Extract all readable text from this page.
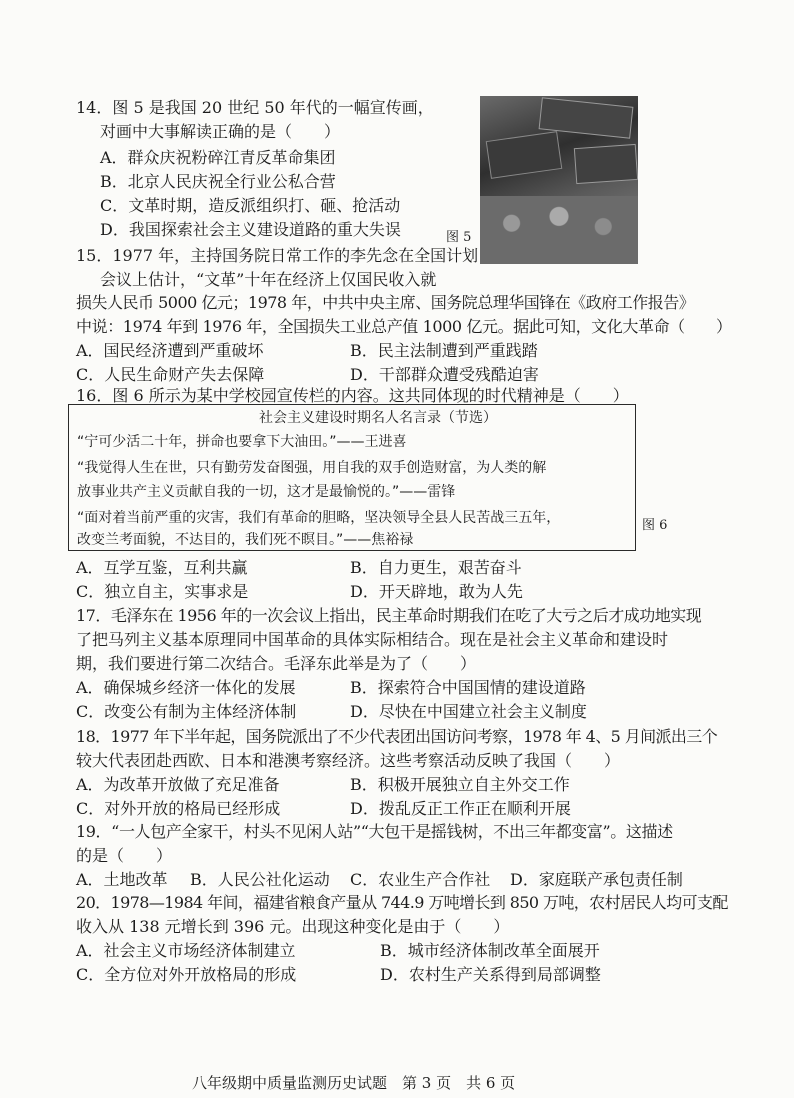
14．图 5 是我国 20 世纪 50 年代的一幅宣传画，
对画中大事解读正确的是（　　）
A．群众庆祝粉碎江青反革命集团
B．北京人民庆祝全行业公私合营
C．文革时期，造反派组织打、砸、抢活动
D．我国探索社会主义建设道路的重大失误	图 5
15．1977 年，主持国务院日常工作的李先念在全国计划
会议上估计，“文革”十年在经济上仅国民收入就
损失人民币 5000 亿元；1978 年，中共中央主席、国务院总理华国锋在《政府工作报告》
中说：1974 年到 1976 年，全国损失工业总产值 1000 亿元。据此可知，文化大革命（　　）
A．国民经济遭到严重破坏	B．民主法制遭到严重践踏
C．人民生命财产失去保障	D．干部群众遭受残酷迫害
16．图 6 所示为某中学校园宣传栏的内容。这共同体现的时代精神是（　　）
社会主义建设时期名人名言录（节选）
“宁可少活二十年，拼命也要拿下大油田。”——王进喜
“我觉得人生在世，只有勤劳发奋图强，用自我的双手创造财富，为人类的解
放事业共产主义贡献自我的一切，这才是最愉悦的。”——雷锋
“面对着当前严重的灾害，我们有革命的胆略，坚决领导全县人民苦战三五年，
改变兰考面貌，不达目的，我们死不瞑目。”——焦裕禄
图 6
A．互学互鉴，互利共赢	B．自力更生，艰苦奋斗
C．独立自主，实事求是	D．开天辟地，敢为人先
17．毛泽东在 1956 年的一次会议上指出，民主革命时期我们在吃了大亏之后才成功地实现
了把马列主义基本原理同中国革命的具体实际相结合。现在是社会主义革命和建设时
期，我们要进行第二次结合。毛泽东此举是为了（　　）
A．确保城乡经济一体化的发展	B．探索符合中国国情的建设道路
C．改变公有制为主体经济体制	D．尽快在中国建立社会主义制度
18．1977 年下半年起，国务院派出了不少代表团出国访问考察，1978 年 4、5 月间派出三个
较大代表团赴西欧、日本和港澳考察经济。这些考察活动反映了我国（　　）
A．为改革开放做了充足准备	B．积极开展独立自主外交工作
C．对外开放的格局已经形成	D．拨乱反正工作正在顺利开展
19．“一人包产全家干，村头不见闲人站”“大包干是摇钱树，不出三年都变富”。这描述
的是（　　）
A．土地改革 B．人民公社化运动 C．农业生产合作社 D．家庭联产承包责任制
20．1978—1984 年间，福建省粮食产量从 744.9 万吨增长到 850 万吨，农村居民人均可支配
收入从 138 元增长到 396 元。出现这种变化是由于（　　）
A．社会主义市场经济体制建立	B．城市经济体制改革全面展开
C．全方位对外开放格局的形成	D．农村生产关系得到局部调整
八年级期中质量监测历史试题　第 3 页　共 6 页
